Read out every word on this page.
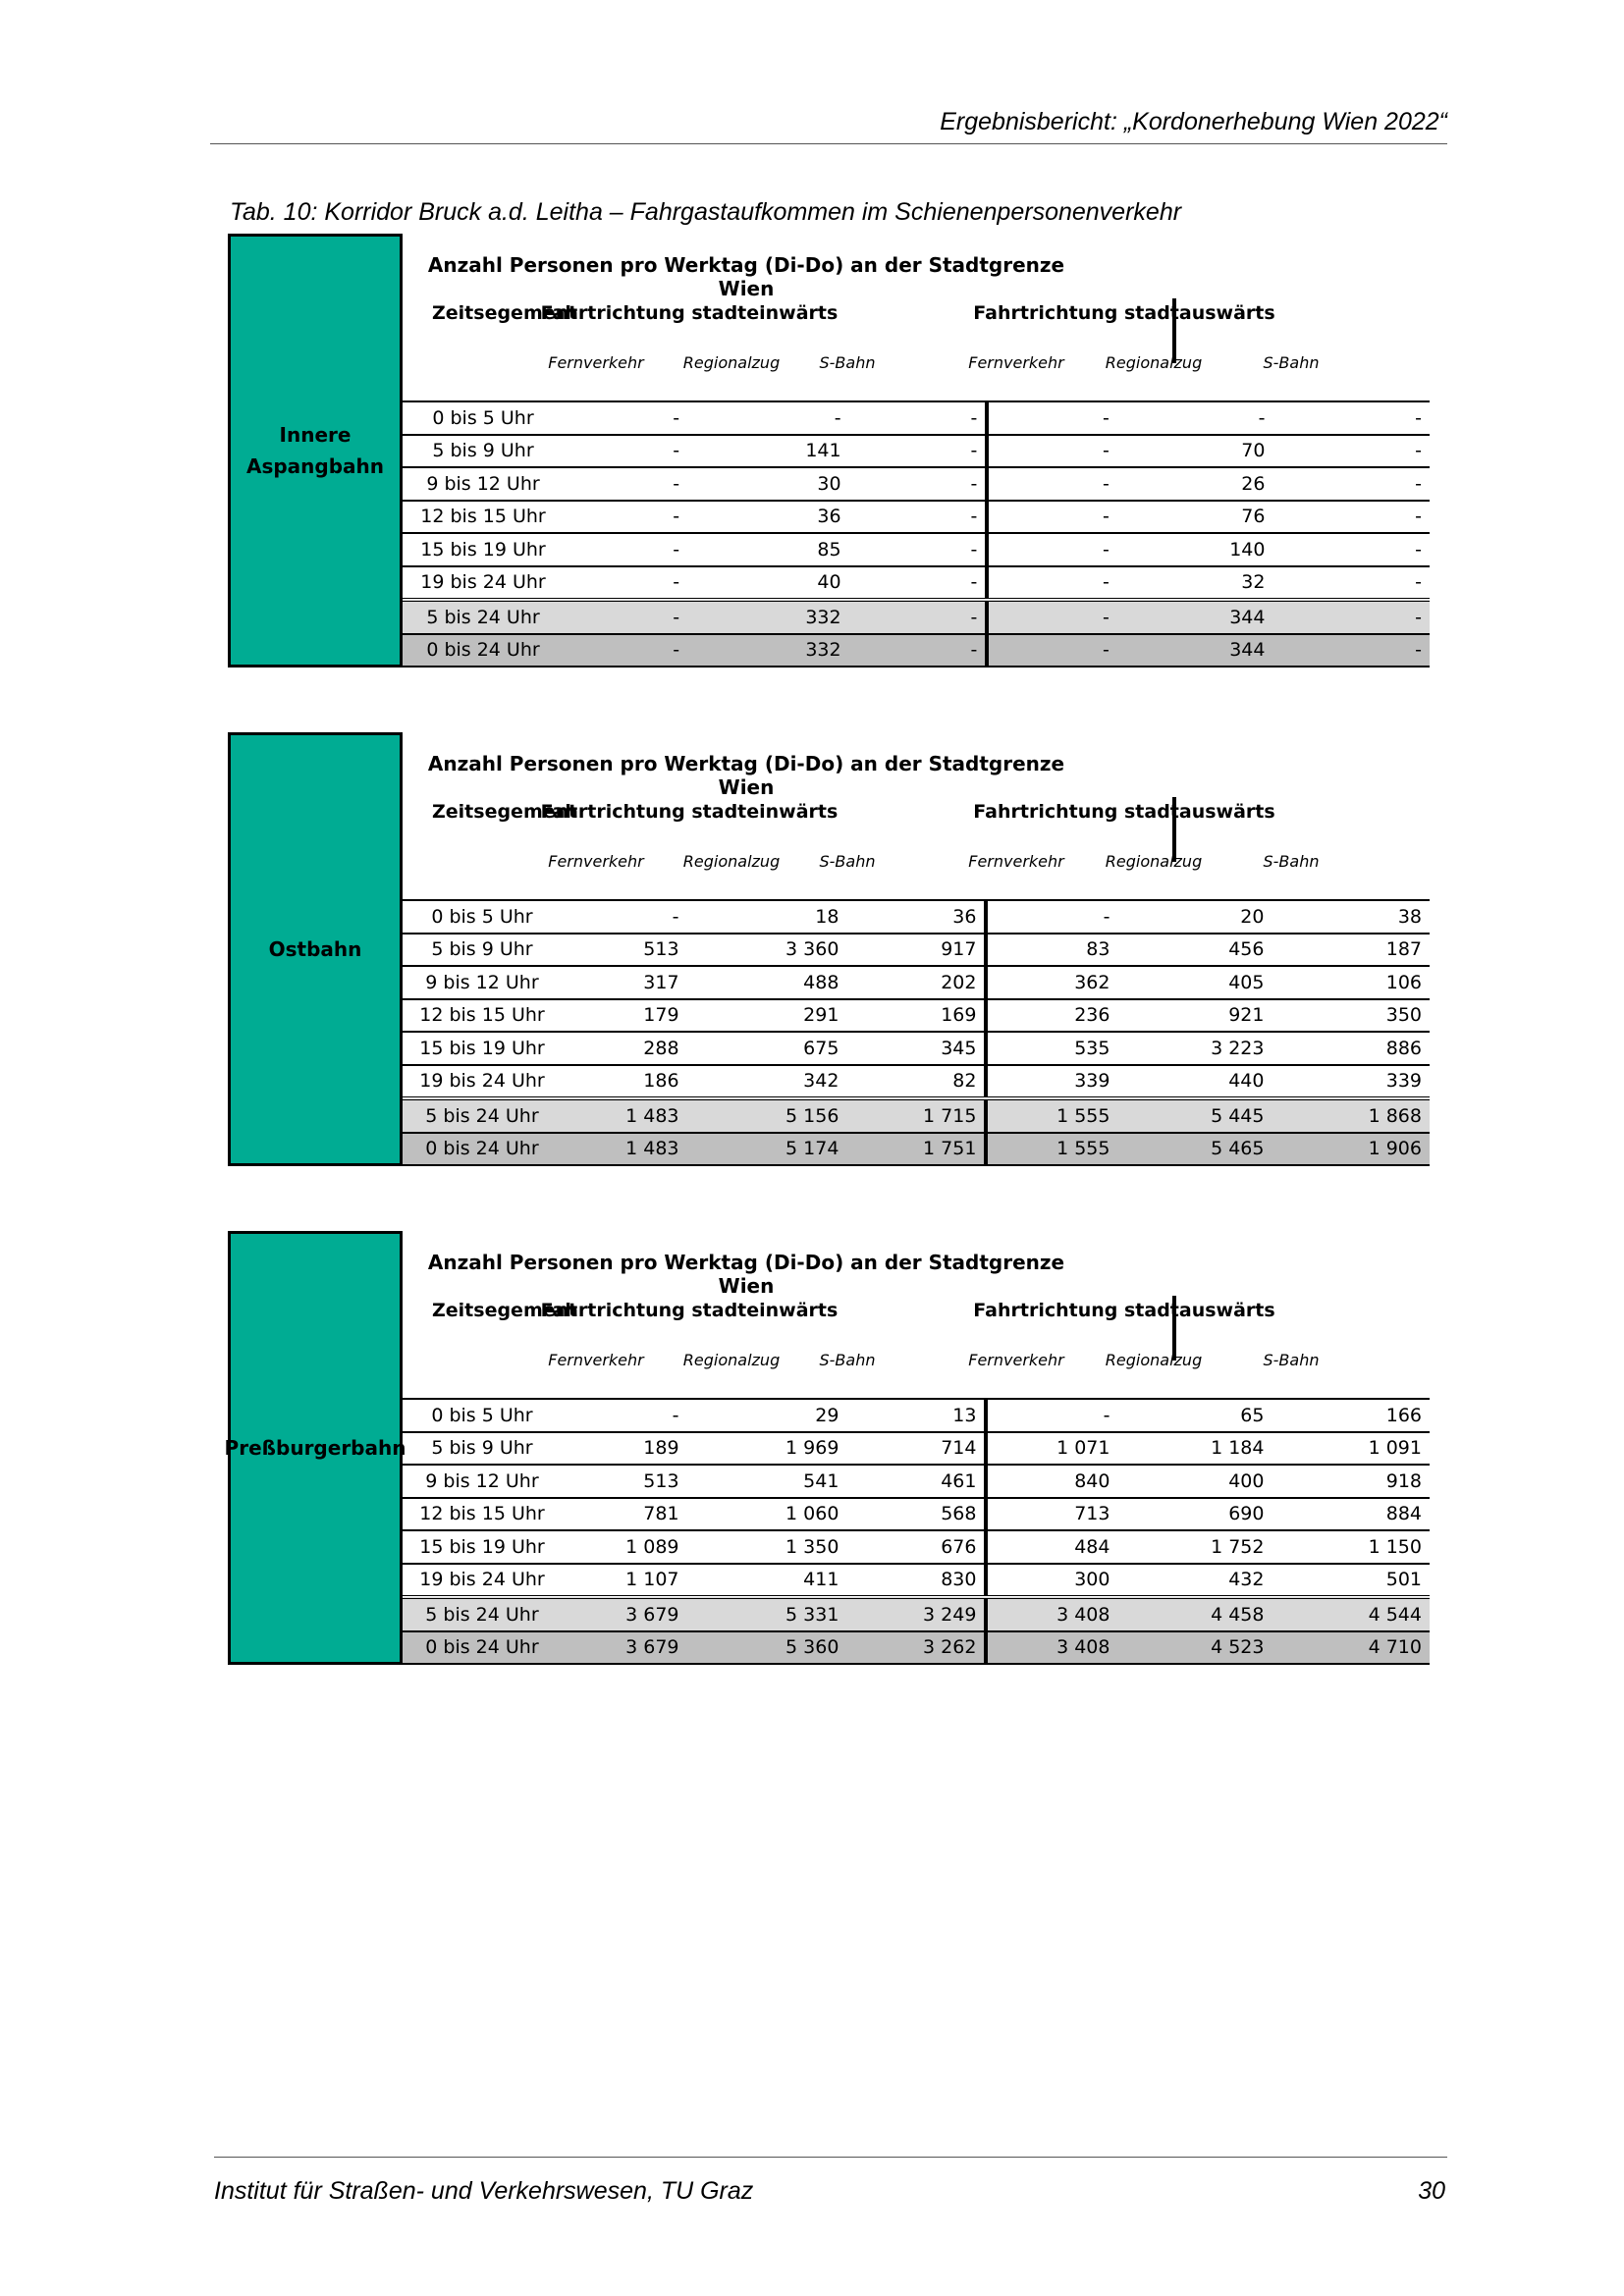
Ergebnisbericht: „Kordonerhebung Wien 2022“
Tab. 10: Korridor Bruck a.d. Leitha – Fahrgastaufkommen im Schienenpersonenverkehr
Innere
Aspangbahn
Anzahl Personen pro Werktag (Di-Do) an der Stadtgrenze Wien
Zeitsegement
Fahrtrichtung stadteinwärts	Fahrtrichtung stadtauswärts
Fernverkehr	Regionalzug	S-Bahn	Fernverkehr	Regionalzug	S-Bahn
0 bis 5 Uhr	-	-	-	-	-	-
5 bis 9 Uhr	-	141	-	-	70	-
9 bis 12 Uhr	-	30	-	-	26	-
12 bis 15 Uhr	-	36	-	-	76	-
15 bis 19 Uhr	-	85	-	-	140	-
19 bis 24 Uhr	-	40	-	-	32	-
5 bis 24 Uhr	-	332	-	-	344	-
0 bis 24 Uhr	-	332	-	-	344	-
Ostbahn
Anzahl Personen pro Werktag (Di-Do) an der Stadtgrenze Wien
Zeitsegement
Fahrtrichtung stadteinwärts	Fahrtrichtung stadtauswärts
Fernverkehr	Regionalzug	S-Bahn	Fernverkehr	Regionalzug	S-Bahn
0 bis 5 Uhr	-	18	36	-	20	38
5 bis 9 Uhr	513	3 360	917	83	456	187
9 bis 12 Uhr	317	488	202	362	405	106
12 bis 15 Uhr	179	291	169	236	921	350
15 bis 19 Uhr	288	675	345	535	3 223	886
19 bis 24 Uhr	186	342	82	339	440	339
5 bis 24 Uhr	1 483	5 156	1 715	1 555	5 445	1 868
0 bis 24 Uhr	1 483	5 174	1 751	1 555	5 465	1 906
Preßburgerbahn
Anzahl Personen pro Werktag (Di-Do) an der Stadtgrenze Wien
Zeitsegement
Fahrtrichtung stadteinwärts	Fahrtrichtung stadtauswärts
Fernverkehr	Regionalzug	S-Bahn	Fernverkehr	Regionalzug	S-Bahn
0 bis 5 Uhr	-	29	13	-	65	166
5 bis 9 Uhr	189	1 969	714	1 071	1 184	1 091
9 bis 12 Uhr	513	541	461	840	400	918
12 bis 15 Uhr	781	1 060	568	713	690	884
15 bis 19 Uhr	1 089	1 350	676	484	1 752	1 150
19 bis 24 Uhr	1 107	411	830	300	432	501
5 bis 24 Uhr	3 679	5 331	3 249	3 408	4 458	4 544
0 bis 24 Uhr	3 679	5 360	3 262	3 408	4 523	4 710
Institut für Straßen- und Verkehrswesen, TU Graz	30
